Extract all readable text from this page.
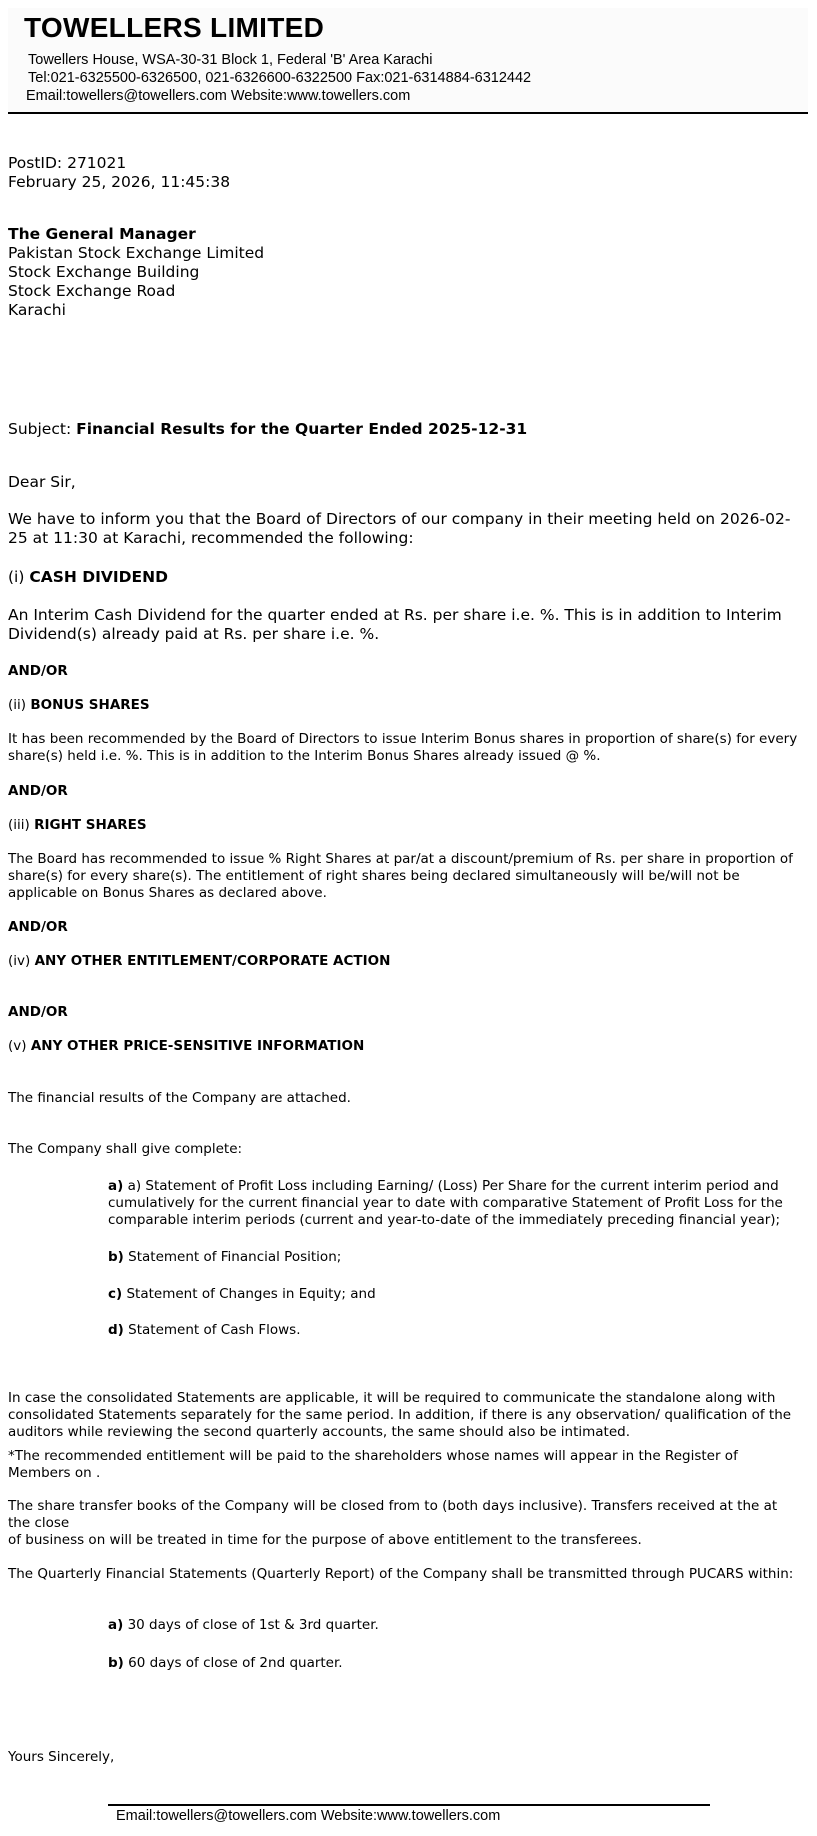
TOWELLERS LIMITED
Towellers House, WSA-30-31 Block 1, Federal 'B' Area Karachi
Tel:021-6325500-6326500, 021-6326600-6322500 Fax:021-6314884-6312442
Email:towellers@towellers.com Website:www.towellers.com
PostID: 271021
February 25, 2026, 11:45:38
The General Manager
Pakistan Stock Exchange Limited
Stock Exchange Building
Stock Exchange Road
Karachi
Subject: Financial Results for the Quarter Ended 2025-12-31
Dear Sir,
We have to inform you that the Board of Directors of our company in their meeting held on 2026-02-25 at 11:30 at Karachi, recommended the following:
(i) CASH DIVIDEND
An Interim Cash Dividend for the quarter ended at Rs. per share i.e. %. This is in addition to Interim Dividend(s) already paid at Rs. per share i.e. %.
AND/OR
(ii) BONUS SHARES
It has been recommended by the Board of Directors to issue Interim Bonus shares in proportion of share(s) for every share(s) held i.e. %. This is in addition to the Interim Bonus Shares already issued @ %.
AND/OR
(iii) RIGHT SHARES
The Board has recommended to issue % Right Shares at par/at a discount/premium of Rs. per share in proportion of share(s) for every share(s). The entitlement of right shares being declared simultaneously will be/will not be applicable on Bonus Shares as declared above.
AND/OR
(iv) ANY OTHER ENTITLEMENT/CORPORATE ACTION
AND/OR
(v) ANY OTHER PRICE-SENSITIVE INFORMATION
The financial results of the Company are attached.
The Company shall give complete:
a) a) Statement of Profit Loss including Earning/ (Loss) Per Share for the current interim period and cumulatively for the current financial year to date with comparative Statement of Profit Loss for the comparable interim periods (current and year-to-date of the immediately preceding financial year);
b) Statement of Financial Position;
c) Statement of Changes in Equity; and
d) Statement of Cash Flows.
In case the consolidated Statements are applicable, it will be required to communicate the standalone along with consolidated Statements separately for the same period. In addition, if there is any observation/ qualification of the auditors while reviewing the second quarterly accounts, the same should also be intimated.
*The recommended entitlement will be paid to the shareholders whose names will appear in the Register of Members on .
The share transfer books of the Company will be closed from to (both days inclusive). Transfers received at the at the close
of business on will be treated in time for the purpose of above entitlement to the transferees.
The Quarterly Financial Statements (Quarterly Report) of the Company shall be transmitted through PUCARS within:
a) 30 days of close of 1st & 3rd quarter.
b) 60 days of close of 2nd quarter.
Yours Sincerely,
Email:towellers@towellers.com Website:www.towellers.com
